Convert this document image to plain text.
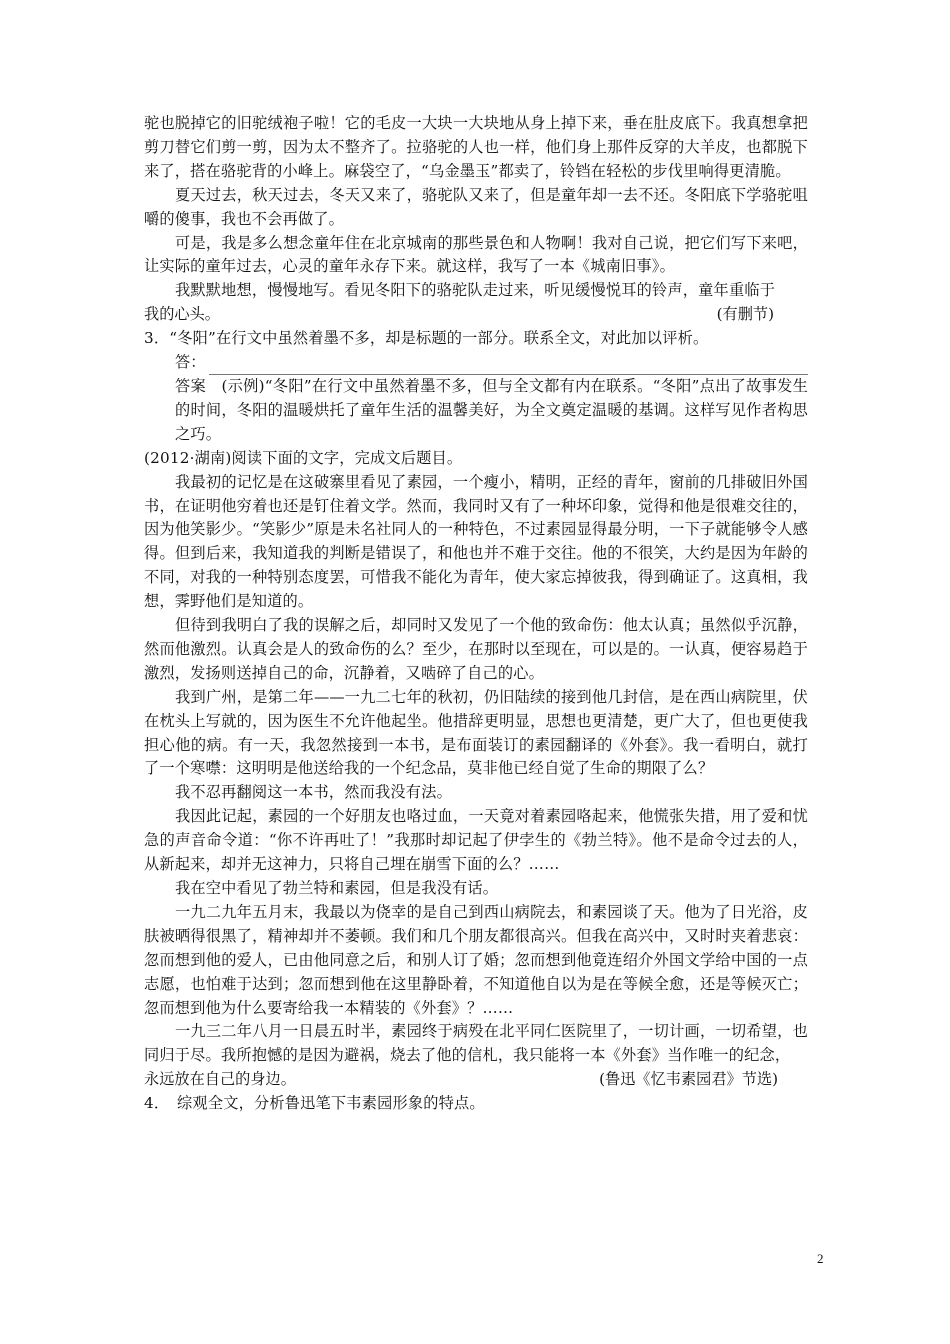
驼也脱掉它的旧驼绒袍子啦！它的毛皮一大块一大块地从身上掉下来，垂在肚皮底下。我真想拿把剪刀替它们剪一剪，因为太不整齐了。拉骆驼的人也一样，他们身上那件反穿的大羊皮，也都脱下来了，搭在骆驼背的小峰上。麻袋空了，“乌金墨玉”都卖了，铃铛在轻松的步伐里响得更清脆。

夏天过去，秋天过去，冬天又来了，骆驼队又来了，但是童年却一去不还。冬阳底下学骆驼咀嚼的傻事，我也不会再做了。

可是，我是多么想念童年住在北京城南的那些景色和人物啊！我对自己说，把它们写下来吧，让实际的童年过去，心灵的童年永存下来。就这样，我写了一本《城南旧事》。

我默默地想，慢慢地写。看见冬阳下的骆驼队走过来，听见缓慢悦耳的铃声，童年重临于

我的心头。	(有删节)

3．“冬阳”在行文中虽然着墨不多，却是标题的一部分。联系全文，对此加以评析。

答：

答案　(示例)“冬阳”在行文中虽然着墨不多，但与全文都有内在联系。“冬阳”点出了故事发生的时间，冬阳的温暖烘托了童年生活的温馨美好，为全文奠定温暖的基调。这样写见作者构思之巧。

(2012·湖南)阅读下面的文字，完成文后题目。

我最初的记忆是在这破寨里看见了素园，一个瘦小，精明，正经的青年，窗前的几排破旧外国书，在证明他穷着也还是钉住着文学。然而，我同时又有了一种坏印象，觉得和他是很难交往的，因为他笑影少。“笑影少”原是未名社同人的一种特色，不过素园显得最分明，一下子就能够令人感得。但到后来，我知道我的判断是错误了，和他也并不难于交往。他的不很笑，大约是因为年龄的不同，对我的一种特别态度罢，可惜我不能化为青年，使大家忘掉彼我，得到确证了。这真相，我想，霁野他们是知道的。

但待到我明白了我的误解之后，却同时又发见了一个他的致命伤：他太认真；虽然似乎沉静，然而他激烈。认真会是人的致命伤的么？至少，在那时以至现在，可以是的。一认真，便容易趋于激烈，发扬则送掉自己的命，沉静着，又啮碎了自己的心。

我到广州，是第二年——一九二七年的秋初，仍旧陆续的接到他几封信，是在西山病院里，伏在枕头上写就的，因为医生不允许他起坐。他措辞更明显，思想也更清楚，更广大了，但也更使我担心他的病。有一天，我忽然接到一本书，是布面装订的素园翻译的《外套》。我一看明白，就打了一个寒噤：这明明是他送给我的一个纪念品，莫非他已经自觉了生命的期限了么？

我不忍再翻阅这一本书，然而我没有法。

我因此记起，素园的一个好朋友也咯过血，一天竟对着素园咯起来，他慌张失措，用了爱和忧急的声音命令道：“你不许再吐了！”我那时却记起了伊孛生的《勃兰特》。他不是命令过去的人，从新起来，却并无这神力，只将自己埋在崩雪下面的么？……

我在空中看见了勃兰特和素园，但是我没有话。

一九二九年五月末，我最以为侥幸的是自己到西山病院去，和素园谈了天。他为了日光浴，皮肤被晒得很黑了，精神却并不萎顿。我们和几个朋友都很高兴。但我在高兴中，又时时夹着悲哀：忽而想到他的爱人，已由他同意之后，和别人订了婚；忽而想到他竟连绍介外国文学给中国的一点志愿，也怕难于达到；忽而想到他在这里静卧着，不知道他自以为是在等候全愈，还是等候灭亡；忽而想到他为什么要寄给我一本精装的《外套》？……

一九三二年八月一日晨五时半，素园终于病殁在北平同仁医院里了，一切计画，一切希望，也同归于尽。我所抱憾的是因为避祸，烧去了他的信札，我只能将一本《外套》当作唯一的纪念，

永远放在自己的身边。	(鲁迅《忆韦素园君》节选)

4．　综观全文，分析鲁迅笔下韦素园形象的特点。

2
